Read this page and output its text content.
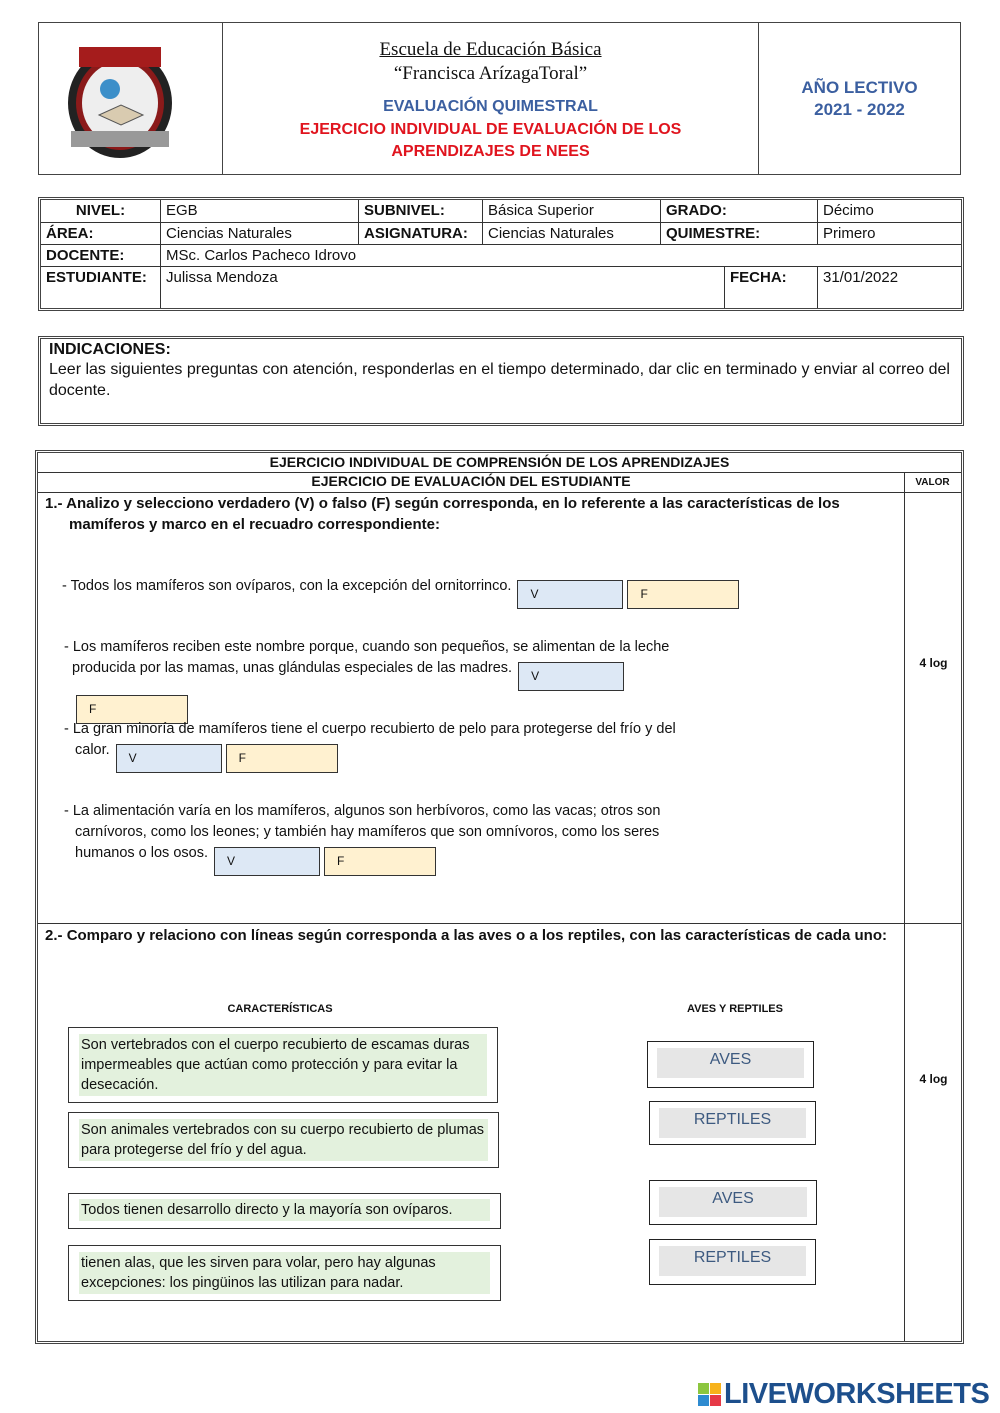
Escuela de Educación Básica
“Francisca ArízagaToral”
EVALUACIÓN QUIMESTRAL
EJERCICIO INDIVIDUAL DE EVALUACIÓN DE LOS APRENDIZAJES DE NEES
AÑO LECTIVO
2021 - 2022
NIVEL:	EGB	SUBNIVEL:	Básica Superior	GRADO:	Décimo
ÁREA:	Ciencias Naturales	ASIGNATURA:	Ciencias Naturales	QUIMESTRE:	Primero
DOCENTE:	MSc. Carlos Pacheco Idrovo
ESTUDIANTE:	Julissa Mendoza	FECHA:	31/01/2022
INDICACIONES:
Leer las siguientes preguntas con atención, responderlas en el tiempo determinado, dar clic en terminado y enviar al correo del docente.
EJERCICIO INDIVIDUAL DE COMPRENSIÓN DE LOS APRENDIZAJES
EJERCICIO DE EVALUACIÓN DEL ESTUDIANTE	VALOR
1.- Analizo y selecciono verdadero (V) o falso (F) según corresponda, en lo referente a las características de los mamíferos y marco en el recuadro correspondiente:
4 log
- Todos los mamíferos son ovíparos, con la excepción del ornitorrinco. V	F
- Los mamíferos reciben este nombre porque, cuando son pequeños, se alimentan de la leche producida por las mamas, unas glándulas especiales de las madres. VF
- La gran minoría de mamíferos tiene el cuerpo recubierto de pelo para protegerse del frío y del calor. V	F
- La alimentación varía en los mamíferos, algunos son herbívoros, como las vacas; otros son carnívoros, como los leones; y también hay mamíferos que son omnívoros, como los seres humanos o los osos. V	F
2.- Comparo y relaciono con líneas según corresponda a las aves o a los reptiles, con las características de cada uno:
4 log
CARACTERÍSTICAS	AVES Y REPTILES
Son vertebrados con el cuerpo recubierto de escamas duras impermeables que actúan como protección y para evitar la desecación.
Son animales vertebrados con su cuerpo recubierto de plumas para protegerse del frío y del agua.
Todos tienen desarrollo directo y la mayoría son ovíparos.
tienen alas, que les sirven para volar, pero hay algunas excepciones: los pingüinos las utilizan para nadar.
AVES
REPTILES
AVES
REPTILES
LIVEWORKSHEETS
